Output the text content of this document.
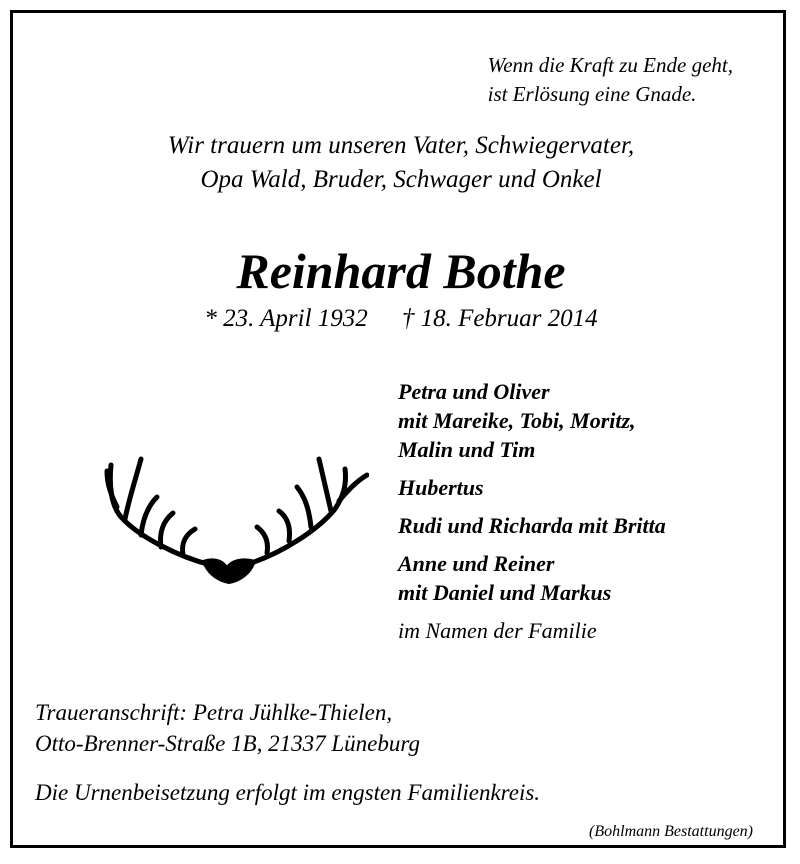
Wenn die Kraft zu Ende geht,
ist Erlösung eine Gnade.
Wir trauern um unseren Vater, Schwiegervater,
Opa Wald, Bruder, Schwager und Onkel
Reinhard Bothe
* 23. April 1932 † 18. Februar 2014
Petra und Oliver
mit Mareike, Tobi, Moritz,
Malin und Tim
Hubertus
Rudi und Richarda mit Britta
Anne und Reiner
mit Daniel und Markus
im Namen der Familie
Traueranschrift: Petra Jühlke-Thielen,
Otto-Brenner-Straße 1B, 21337 Lüneburg
Die Urnenbeisetzung erfolgt im engsten Familienkreis.
(Bohlmann Bestattungen)
